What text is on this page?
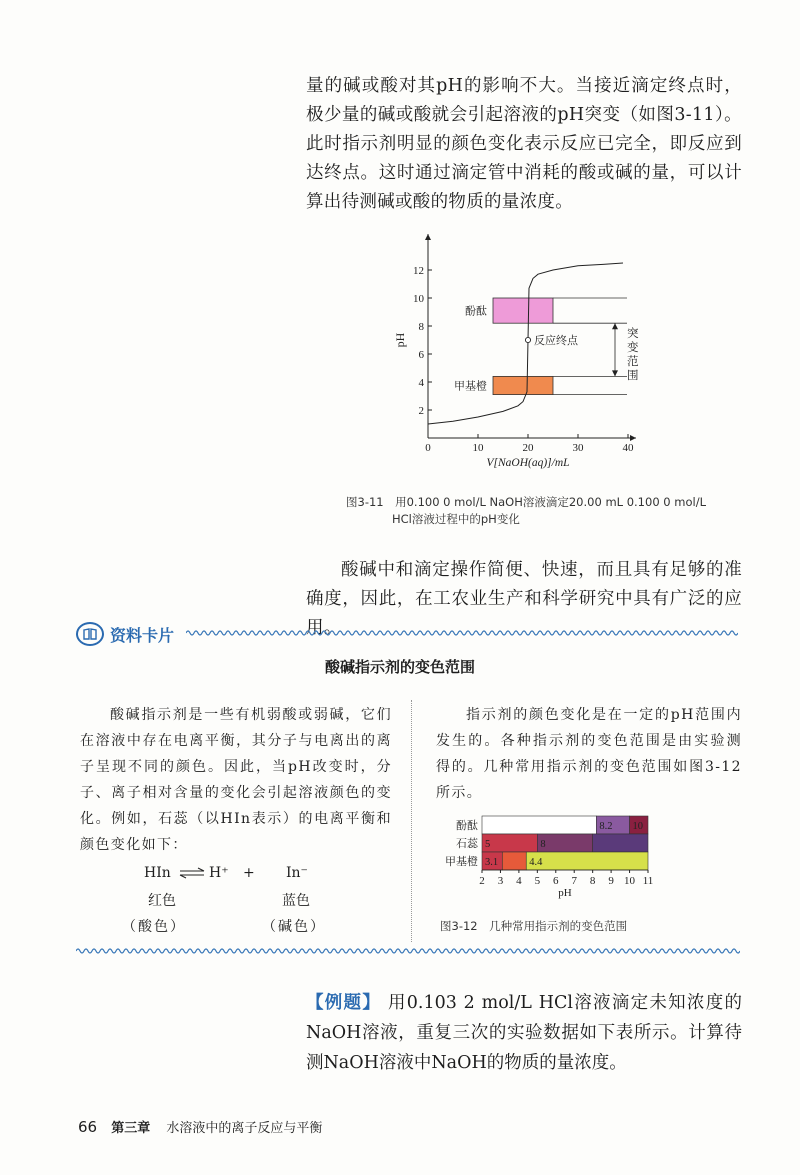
量的碱或酸对其pH的影响不大。当接近滴定终点时，极少量的碱或酸就会引起溶液的pH突变（如图3-11）。此时指示剂明显的颜色变化表示反应已完全，即反应到达终点。这时通过滴定管中消耗的酸或碱的量，可以计算出待测碱或酸的物质的量浓度。

0	10	20	30	40
2
4
6
8
10
12
pH
V[NaOH(aq)]/mL
酚酞
甲基橙
反应终点
突变范围
图3-11　用0.100 0 mol/L NaOH溶液滴定20.00 mL 0.100 0 mol/L
HCl溶液过程中的pH变化

酸碱中和滴定操作简便、快速，而且具有足够的准确度，因此，在工农业生产和科学研究中具有广泛的应用。

资料卡片
酸碱指示剂的变色范围

酸碱指示剂是一些有机弱酸或弱碱，它们在溶液中存在电离平衡，其分子与电离出的离子呈现不同的颜色。因此，当pH改变时，分子、离子相对含量的变化会引起溶液颜色的变化。例如，石蕊（以HIn表示）的电离平衡和颜色变化如下：

HIn ⇌ H⁺ + In⁻
红色	蓝色
（酸色）	（碱色）

指示剂的颜色变化是在一定的pH范围内发生的。各种指示剂的变色范围是由实验测得的。几种常用指示剂的变色范围如图3-12所示。

酚酞	8.2 10
石蕊 5	8
甲基橙 3.1	4.4
2 3 4 5 6 7 8 9 10 11
pH
图3-12　几种常用指示剂的变色范围

【例题】 用0.103 2 mol/L HCl溶液滴定未知浓度的NaOH溶液，重复三次的实验数据如下表所示。计算待测NaOH溶液中NaOH的物质的量浓度。

66 第三章 水溶液中的离子反应与平衡
